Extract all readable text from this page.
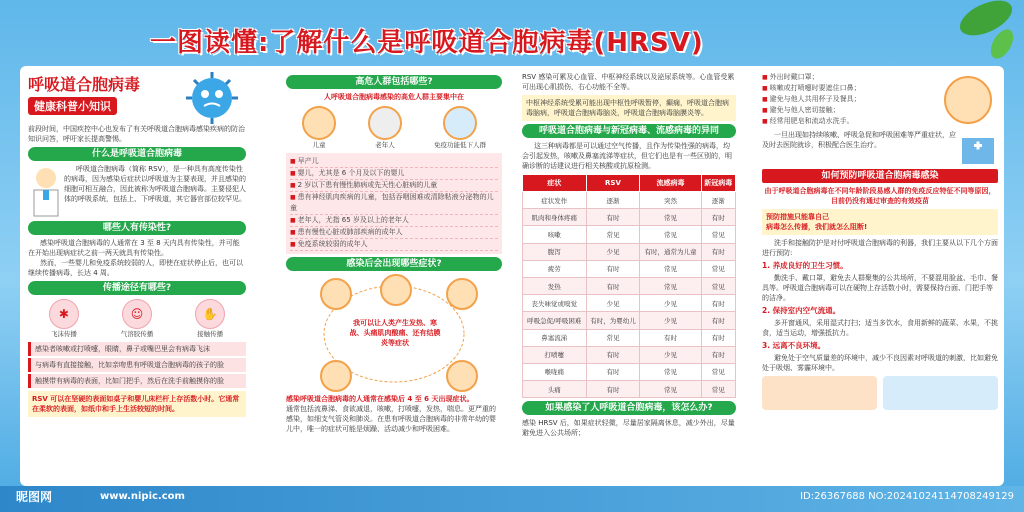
一图读懂:了解什么是呼吸道合胞病毒(HRSV)
呼吸道合胞病毒
健康科普小知识

前段时间，中国疾控中心也发布了有关呼吸道合胞病毒感染疾病的防治知识问答，呼吁家长提高警惕。

什么是呼吸道合胞病毒

呼吸道合胞病毒（简称 RSV），是一种具有高度传染性的病毒，因为感染后症状以呼吸道为主要表现，并且感染的细胞可相互融合，因此被称为呼吸道合胞病毒。主要侵犯人体的呼吸系统，包括上、下呼吸道，其它器官部位较罕见。

哪些人有传染性?

感染呼吸道合胞病毒的人通常在 3 至 8 天内具有传染性，并可能在开始出现病症状之前一两天就具有传染性。

然而，一些婴儿和免疫系统较弱的人，即使在症状停止后，也可以继续传播病毒，长达 4 周。

传播途径有哪些?
✱
飞沫传播
☺
气溶胶传播
✋
接触传播

感染者咳嗽或打喷嚏，眼睛，鼻子或嘴巴里会有病毒飞沫

与病毒有直接接触，比如亲吻患有呼吸道合胞病毒的孩子的脸

触摸带有病毒的表面，比如门把手，然后在洗手前触摸你的脸

RSV 可以在坚硬的表面如桌子和婴儿床栏杆上存活数小时。它通常在柔软的表面，如纸巾和手上生活较短的时间。

高危人群包括哪些?

人呼吸道合胞病毒感染的高危人群主要集中在

儿童	老年人	免疫功能低下人群
■ 早产儿
■ 婴儿，尤其是 6 个月及以下的婴儿
■ 2 岁以下患有慢性肺病或先天性心脏病的儿童
■ 患有神经肌肉疾病的儿童，包括吞咽困难或清除粘液分泌物的儿童
■ 老年人，尤指 65 岁及以上的老年人
■ 患有慢性心脏或肺部疾病的成年人
■ 免疫系统较弱的成年人
感染后会出现哪些症状?

我可以让人类产生发热、寒战、头痛肌肉酸痛、还有结膜炎等症状

感染呼吸道合胞病毒的人通常在感染后 4 至 6 天出现症状。

通常包括流鼻涕、食欲减退，咳嗽，打喷嚏，发热，喘息。更严重的感染，如细支气管炎和肺炎。在患有呼吸道合胞病毒的非常年幼的婴儿中，唯一的症状可能是烦躁、活动减少和呼吸困难。

RSV 感染可累及心血管、中枢神经系统以及泌尿系统等。心血管受累可出现心肌损伤，右心功能不全等。

中枢神经系统受累可能出现中枢性呼吸暂停，癫痫，呼吸道合胞病毒脑病，呼吸道合胞病毒脑炎，呼吸道合胞病毒脑膜炎等。

呼吸道合胞病毒与新冠病毒、流感病毒的异同

这三种病毒都是可以通过空气传播，且作为传染性强的病毒，均会引起发热，咳嗽及鼻塞流涕等症状，但它们也是有一些区别的，明确诊断的话建议进行相关核酸或抗原检测。

症状	RSV	流感病毒	新冠病毒
症状发作	逐渐	突然	逐渐
肌肉和身体疼痛	有时	常见	有时
咳嗽	常见	常见	常见
腹泻	少见	有时，通常为儿童	有时
疲劳	有时	常见	常见
发热	有时	常见	常见
丧失味觉或嗅觉	少见	少见	有时
呼吸急促/呼吸困难	有时，为婴幼儿	少见	有时
鼻塞流涕	常见	有时	有时
打喷嚏	有时	少见	有时
喉咙痛	有时	常见	常见
头痛	有时	常见	常见
如果感染了人呼吸道合胞病毒，该怎么办?

感染 HRSV 后，如果症状轻微，尽量居家隔离休息，减少外出，尽量避免进入公共场所；

■ 外出时戴口罩；
■ 咳嗽或打喷嚏时要遮住口鼻；
■ 避免与他人共用杯子及餐具；
■ 避免与他人密切接触；
■ 经常用肥皂和流动水洗手。

一旦出现如持续咳嗽、呼吸急促和呼吸困难等严重症状，应及时去医院就诊，积极配合医生治疗。

如何预防呼吸道合胞病毒感染

由于呼吸道合胞病毒在不同年龄阶段易感人群的免疫反应特征不同等原因，目前仍没有通过审查的有效疫苗

预防措施只能靠自己

病毒怎么传播，我们就怎么阻断!

洗手和接触防护是对付呼吸道合胞病毒的利器，我们主要从以下几个方面进行预防:

1. 养成良好的卫生习惯。

勤洗手、戴口罩，避免去人群聚集的公共场所，不要混用脸盆、毛巾、餐具等。呼吸道合胞病毒可以在硬物上存活数小时，需要保持台面、门把手等的洁净。

2. 保持室内空气流通。

多开窗通风，采用湿式打扫；适当多饮水，食用新鲜的蔬菜、水果，不挑食，适当运动，增强抵抗力。

3. 远离不良环境。

避免处于空气质量差的环境中，减少不良因素对呼吸道的刺激，比如避免处于吸烟、雾霾环境中。

昵图网	www.nipic.com	ID:26367688 NO:20241024114708249129
